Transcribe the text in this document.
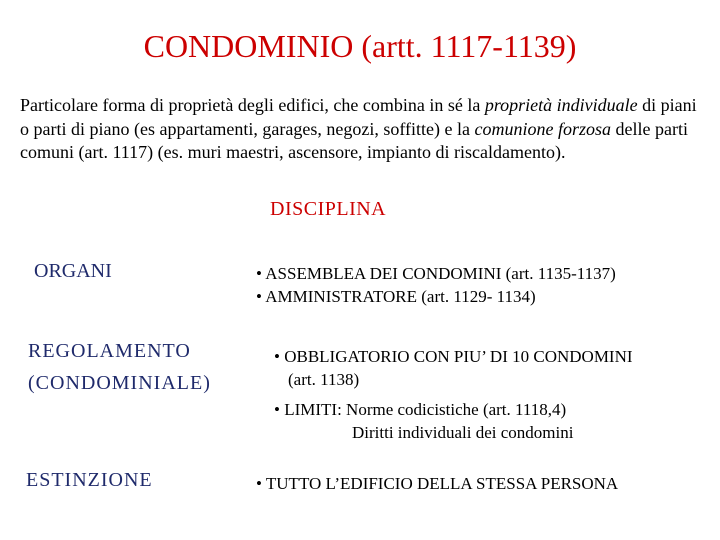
CONDOMINIO (artt. 1117-1139)
Particolare forma di proprietà degli edifici, che combina in sé la proprietà individuale di piani o parti di piano (es appartamenti, garages, negozi, soffitte) e la comunione forzosa delle parti comuni (art. 1117) (es. muri maestri, ascensore, impianto di riscaldamento).
DISCIPLINA
ORGANI	• ASSEMBLEA DEI CONDOMINI (art. 1135-1137)
• AMMINISTRATORE (art. 1129- 1134)
REGOLAMENTO
(CONDOMINIALE)
• OBBLIGATORIO CON PIU’ DI 10 CONDOMINI
(art. 1138)
• LIMITI: Norme codicistiche (art. 1118,4)
Diritti individuali dei condomini
ESTINZIONE	• TUTTO L’EDIFICIO DELLA STESSA PERSONA
